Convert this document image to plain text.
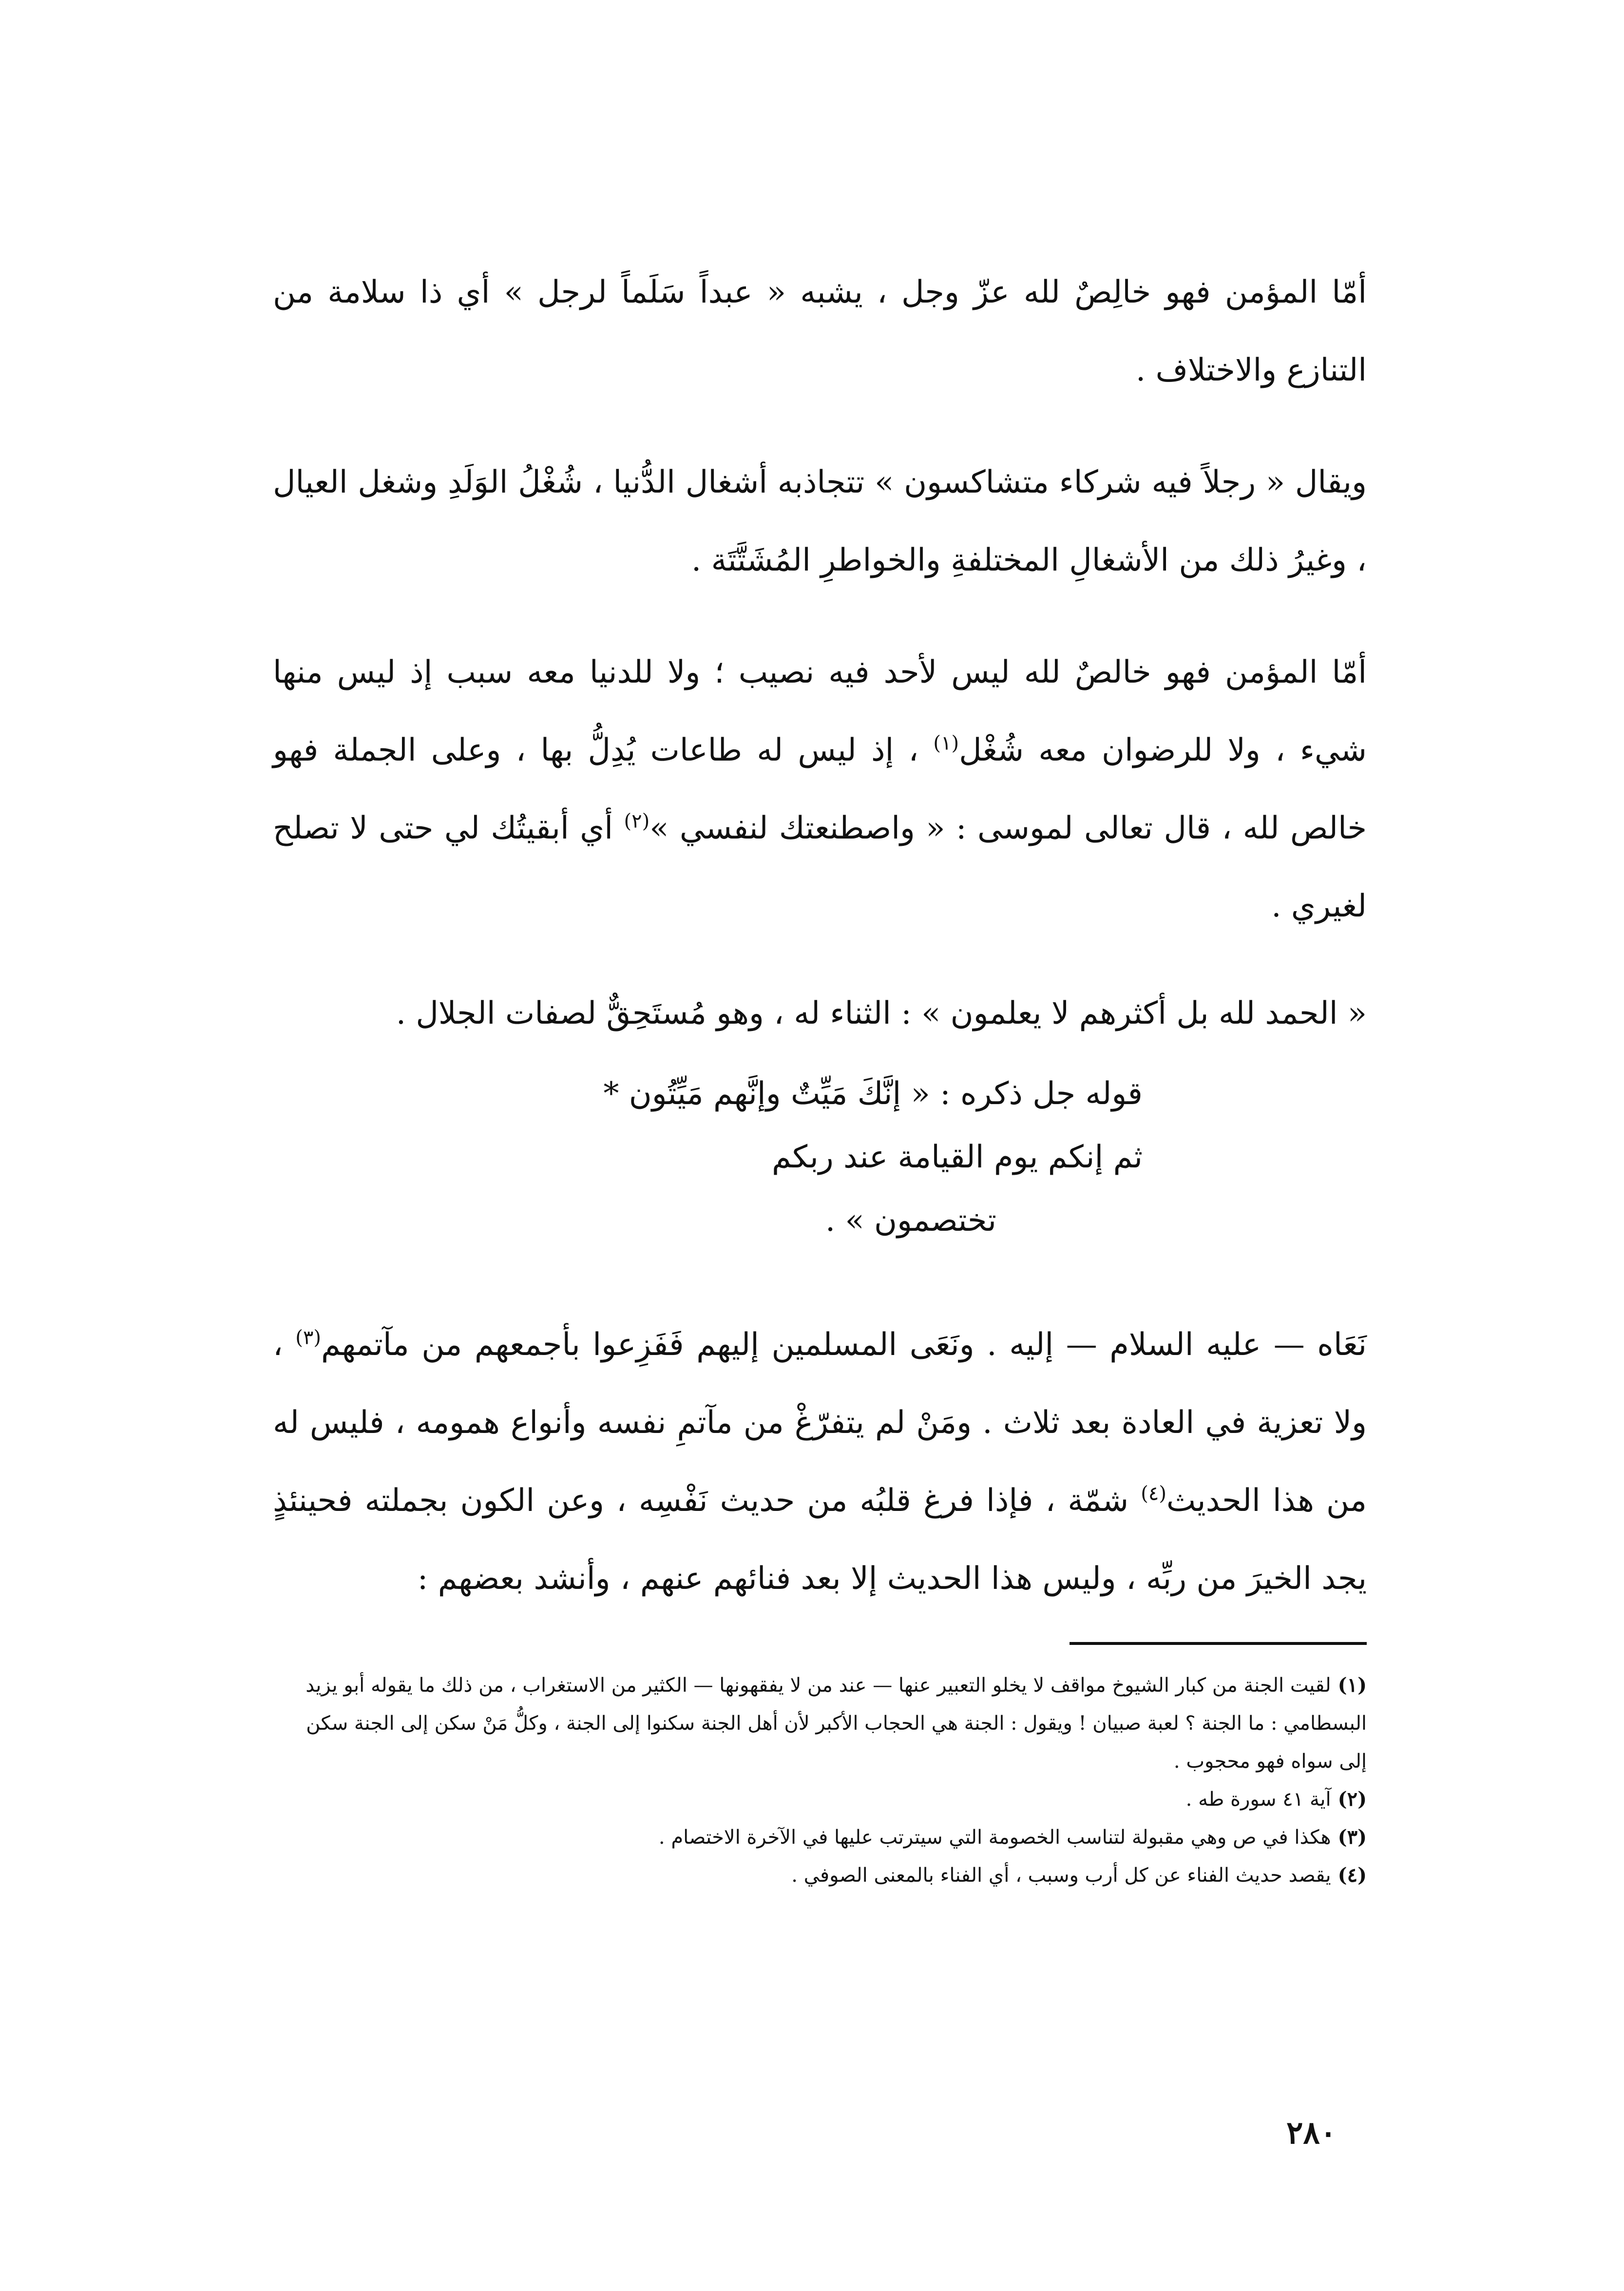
أمّا المؤمن فهو خالِصٌ لله عزّ وجل ، يشبه « عبداً سَلَماً لرجل » أي ذا سلامة من التنازع والاختلاف .

ويقال « رجلاً فيه شركاء متشاكسون » تتجاذبه أشغال الدُّنيا ، شُغْلُ الوَلَدِ وشغل العيال ، وغيرُ ذلك من الأشغالِ المختلفةِ والخواطرِ المُشَتَّتَة .

أمّا المؤمن فهو خالصٌ لله ليس لأحد فيه نصيب ؛ ولا للدنيا معه سبب إذ ليس منها شيء ، ولا للرضوان معه شُغْل$^{(١)}$ ، إذ ليس له طاعات يُدِلُّ بها ، وعلى الجملة فهو خالص لله ، قال تعالى لموسى : « واصطنعتك لنفسي »$^{(٢)}$ أي أبقيتُك لي حتى لا تصلح لغيري .

« الحمد لله بل أكثرهم لا يعلمون » : الثناء له ، وهو مُستَحِقٌّ لصفات الجلال .

قوله جل ذكره : « إنَّكَ مَيِّتٌ وإنَّهم مَيِّتُون *
ثم إنكم يوم القيامة عند ربكم
تختصمون » .

نَعَاه — عليه السلام — إليه . ونَعَى المسلمين إليهم فَفَزِعوا بأجمعهم من مآتمهم$^{(٣)}$ ، ولا تعزية في العادة بعد ثلاث . ومَنْ لم يتفرّغْ من مآتمِ نفسه وأنواع همومه ، فليس له من هذا الحديث$^{(٤)}$ شمّة ، فإذا فرغ قلبُه من حديث نَفْسِه ، وعن الكون بجملته فحينئذٍ يجد الخيرَ من ربِّه ، وليس هذا الحديث إلا بعد فنائهم عنهم ، وأنشد بعضهم :

(١)لقيت الجنة من كبار الشيوخ مواقف لا يخلو التعبير عنها — عند من لا يفقهونها — الكثير من الاستغراب ، من ذلك ما يقوله أبو يزيد البسطامي : ما الجنة ؟ لعبة صبيان ! ويقول : الجنة هي الحجاب الأكبر لأن أهل الجنة سكنوا إلى الجنة ، وكلُّ مَنْ سكن إلى الجنة سكن إلى سواه فهو محجوب .

(٢)آية ٤١ سورة طه .

(٣)هكذا في ص وهي مقبولة لتناسب الخصومة التي سيترتب عليها في الآخرة الاختصام .

(٤)يقصد حديث الفناء عن كل أرب وسبب ، أي الفناء بالمعنى الصوفي .

٢٨٠
